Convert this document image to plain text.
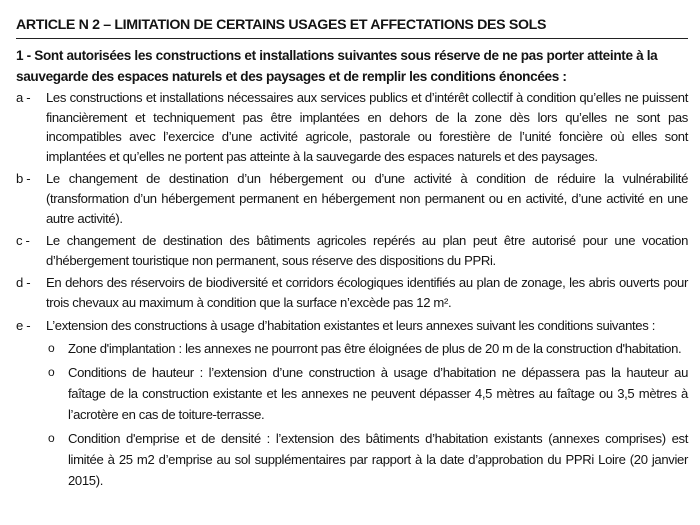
ARTICLE N 2 – LIMITATION DE CERTAINS USAGES ET AFFECTATIONS DES SOLS
1 - Sont autorisées les constructions et installations suivantes sous réserve de ne pas porter atteinte à la sauvegarde des espaces naturels et des paysages et de remplir les conditions énoncées :
a -	Les constructions et installations nécessaires aux services publics et d’intérêt collectif à condition qu’elles ne puissent financièrement et techniquement pas être implantées en dehors de la zone dès lors qu’elles ne sont pas incompatibles avec l’exercice d’une activité agricole, pastorale ou forestière de l’unité foncière où elles sont implantées et qu’elles ne portent pas atteinte à la sauvegarde des espaces naturels et des paysages.
b -	Le changement de destination d’un hébergement ou d’une activité à condition de réduire la vulnérabilité (transformation d’un hébergement permanent en hébergement non permanent ou en activité, d’une activité en une autre activité).
c -	Le changement de destination des bâtiments agricoles repérés au plan peut être autorisé pour une vocation d’hébergement touristique non permanent, sous réserve des dispositions du PPRi.
d -	En dehors des réservoirs de biodiversité et corridors écologiques identifiés au plan de zonage, les abris ouverts pour trois chevaux au maximum à condition que la surface n’excède pas 12 m².
e -	L’extension des constructions à usage d’habitation existantes et leurs annexes suivant les conditions suivantes :
o	Zone d'implantation : les annexes ne pourront pas être éloignées de plus de 20 m de la construction d'habitation.
o	Conditions de hauteur : l’extension d’une construction à usage d’habitation ne dépassera pas la hauteur au faîtage de la construction existante et les annexes ne peuvent dépasser 4,5 mètres au faîtage ou 3,5 mètres à l’acrotère en cas de toiture-terrasse.
o	Condition d'emprise et de densité : l’extension des bâtiments d’habitation existants (annexes comprises) est limitée à 25 m2 d’emprise au sol supplémentaires par rapport à la date d’approbation du PPRi Loire (20 janvier 2015).
